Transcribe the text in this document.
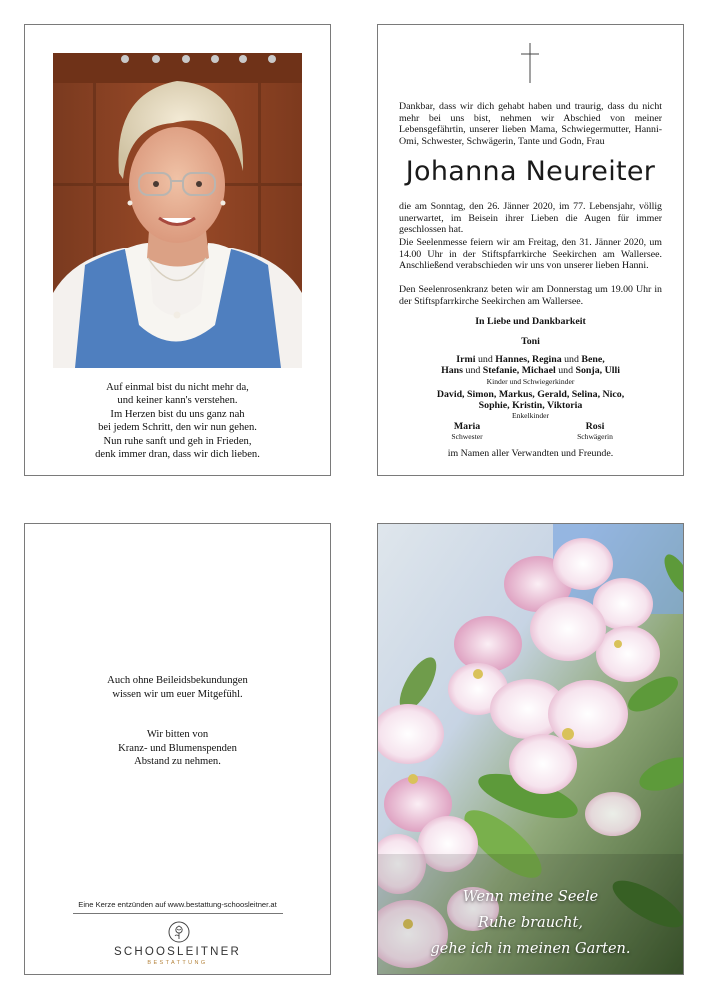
Auf einmal bist du nicht mehr da,
und keiner kann's verstehen.
Im Herzen bist du uns ganz nah
bei jedem Schritt, den wir nun gehen.
Nun ruhe sanft und geh in Frieden,
denk immer dran, dass wir dich lieben.
Dankbar, dass wir dich gehabt haben und traurig, dass du nicht mehr bei uns bist, nehmen wir Abschied von meiner Lebensgefährtin, unserer lieben Mama, Schwiegermutter, Hanni-Omi, Schwester, Schwägerin, Tante und Godn, Frau
Johanna Neureiter
die am Sonntag, den 26. Jänner 2020, im 77. Lebensjahr, völlig unerwartet, im Beisein ihrer Lieben die Augen für immer geschlossen hat.
Die Seelenmesse feiern wir am Freitag, den 31. Jänner 2020, um 14.00 Uhr in der Stiftspfarrkirche Seekirchen am Wallersee. Anschließend verabschieden wir uns von unserer lieben Hanni.
Den Seelenrosenkranz beten wir am Donnerstag um 19.00 Uhr in der Stiftspfarrkirche Seekirchen am Wallersee.
In Liebe und Dankbarkeit
Toni
Irmi und Hannes, Regina und Bene,
Hans und Stefanie, Michael und Sonja, Ulli
Kinder und Schwiegerkinder
David, Simon, Markus, Gerald, Selina, Nico,
Sophie, Kristin, Viktoria
Enkelkinder
Maria
Schwester
Rosi
Schwägerin
im Namen aller Verwandten und Freunde.
Auch ohne Beileidsbekundungen
wissen wir um euer Mitgefühl.
Wir bitten von
Kranz- und Blumenspenden
Abstand zu nehmen.
Eine Kerze entzünden auf www.bestattung-schoosleitner.at
SCHOOSLEITNER
BESTATTUNG
Wenn meine Seele
Ruhe braucht,
gehe ich in meinen Garten.
